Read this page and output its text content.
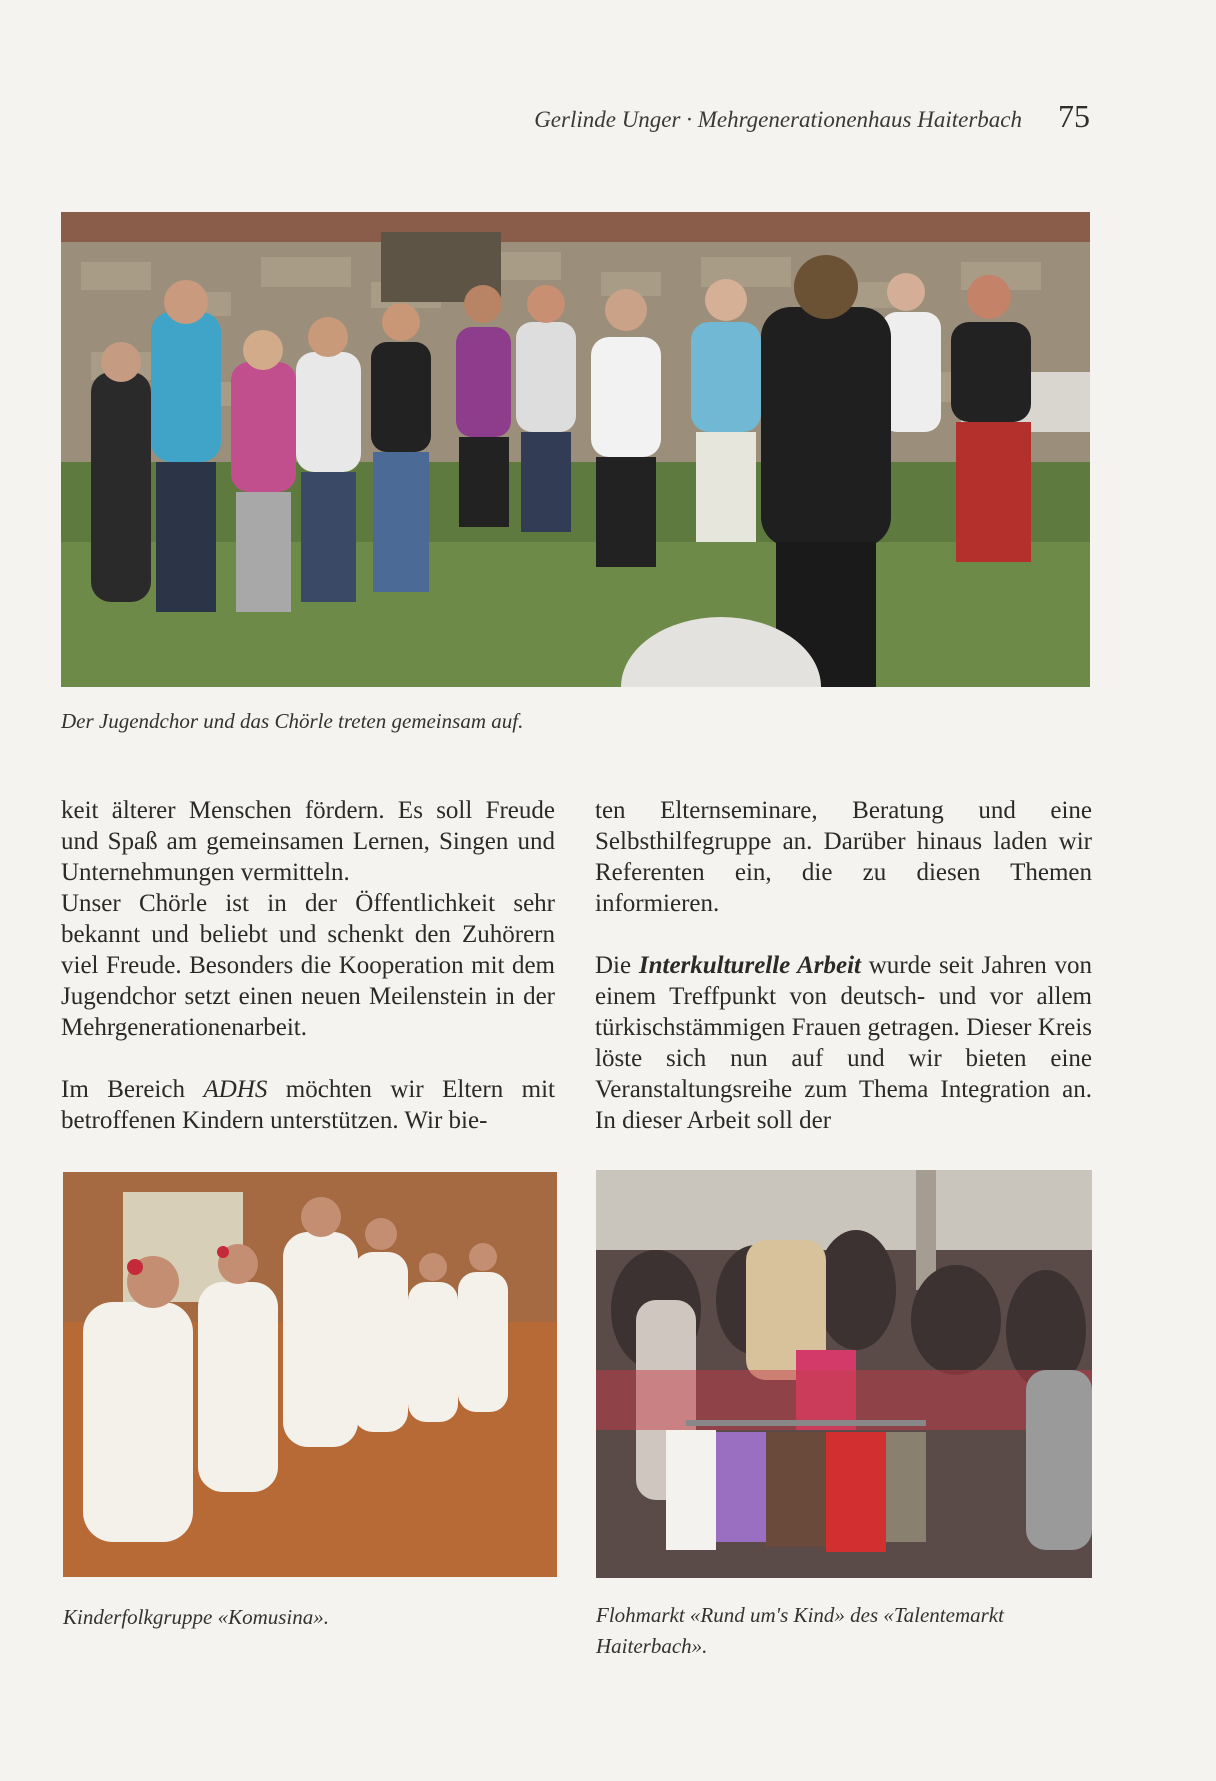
Gerlinde Unger · Mehrgenerationenhaus Haiterbach 75
Der Jugendchor und das Chörle treten gemeinsam auf.

keit älterer Menschen fördern. Es soll Freude und Spaß am gemeinsamen Lernen, Singen und Unternehmungen vermitteln.

Unser Chörle ist in der Öffentlichkeit sehr bekannt und beliebt und schenkt den Zuhörern viel Freude. Besonders die Kooperation mit dem Jugendchor setzt einen neuen Meilenstein in der Mehrgenerationenarbeit.

Im Bereich ADHS möchten wir Eltern mit betroffenen Kindern unterstützen. Wir bie-

ten Elternseminare, Beratung und eine Selbsthilfegruppe an. Darüber hinaus laden wir Referenten ein, die zu diesen Themen informieren.

Die Interkulturelle Arbeit wurde seit Jahren von einem Treffpunkt von deutsch- und vor allem türkischstämmigen Frauen getragen. Dieser Kreis löste sich nun auf und wir bieten eine Veranstaltungsreihe zum Thema Integration an. In dieser Arbeit soll der

Kinderfolkgruppe «Komusina».	Flohmarkt «Rund um's Kind» des «Talentemarkt Haiterbach».
